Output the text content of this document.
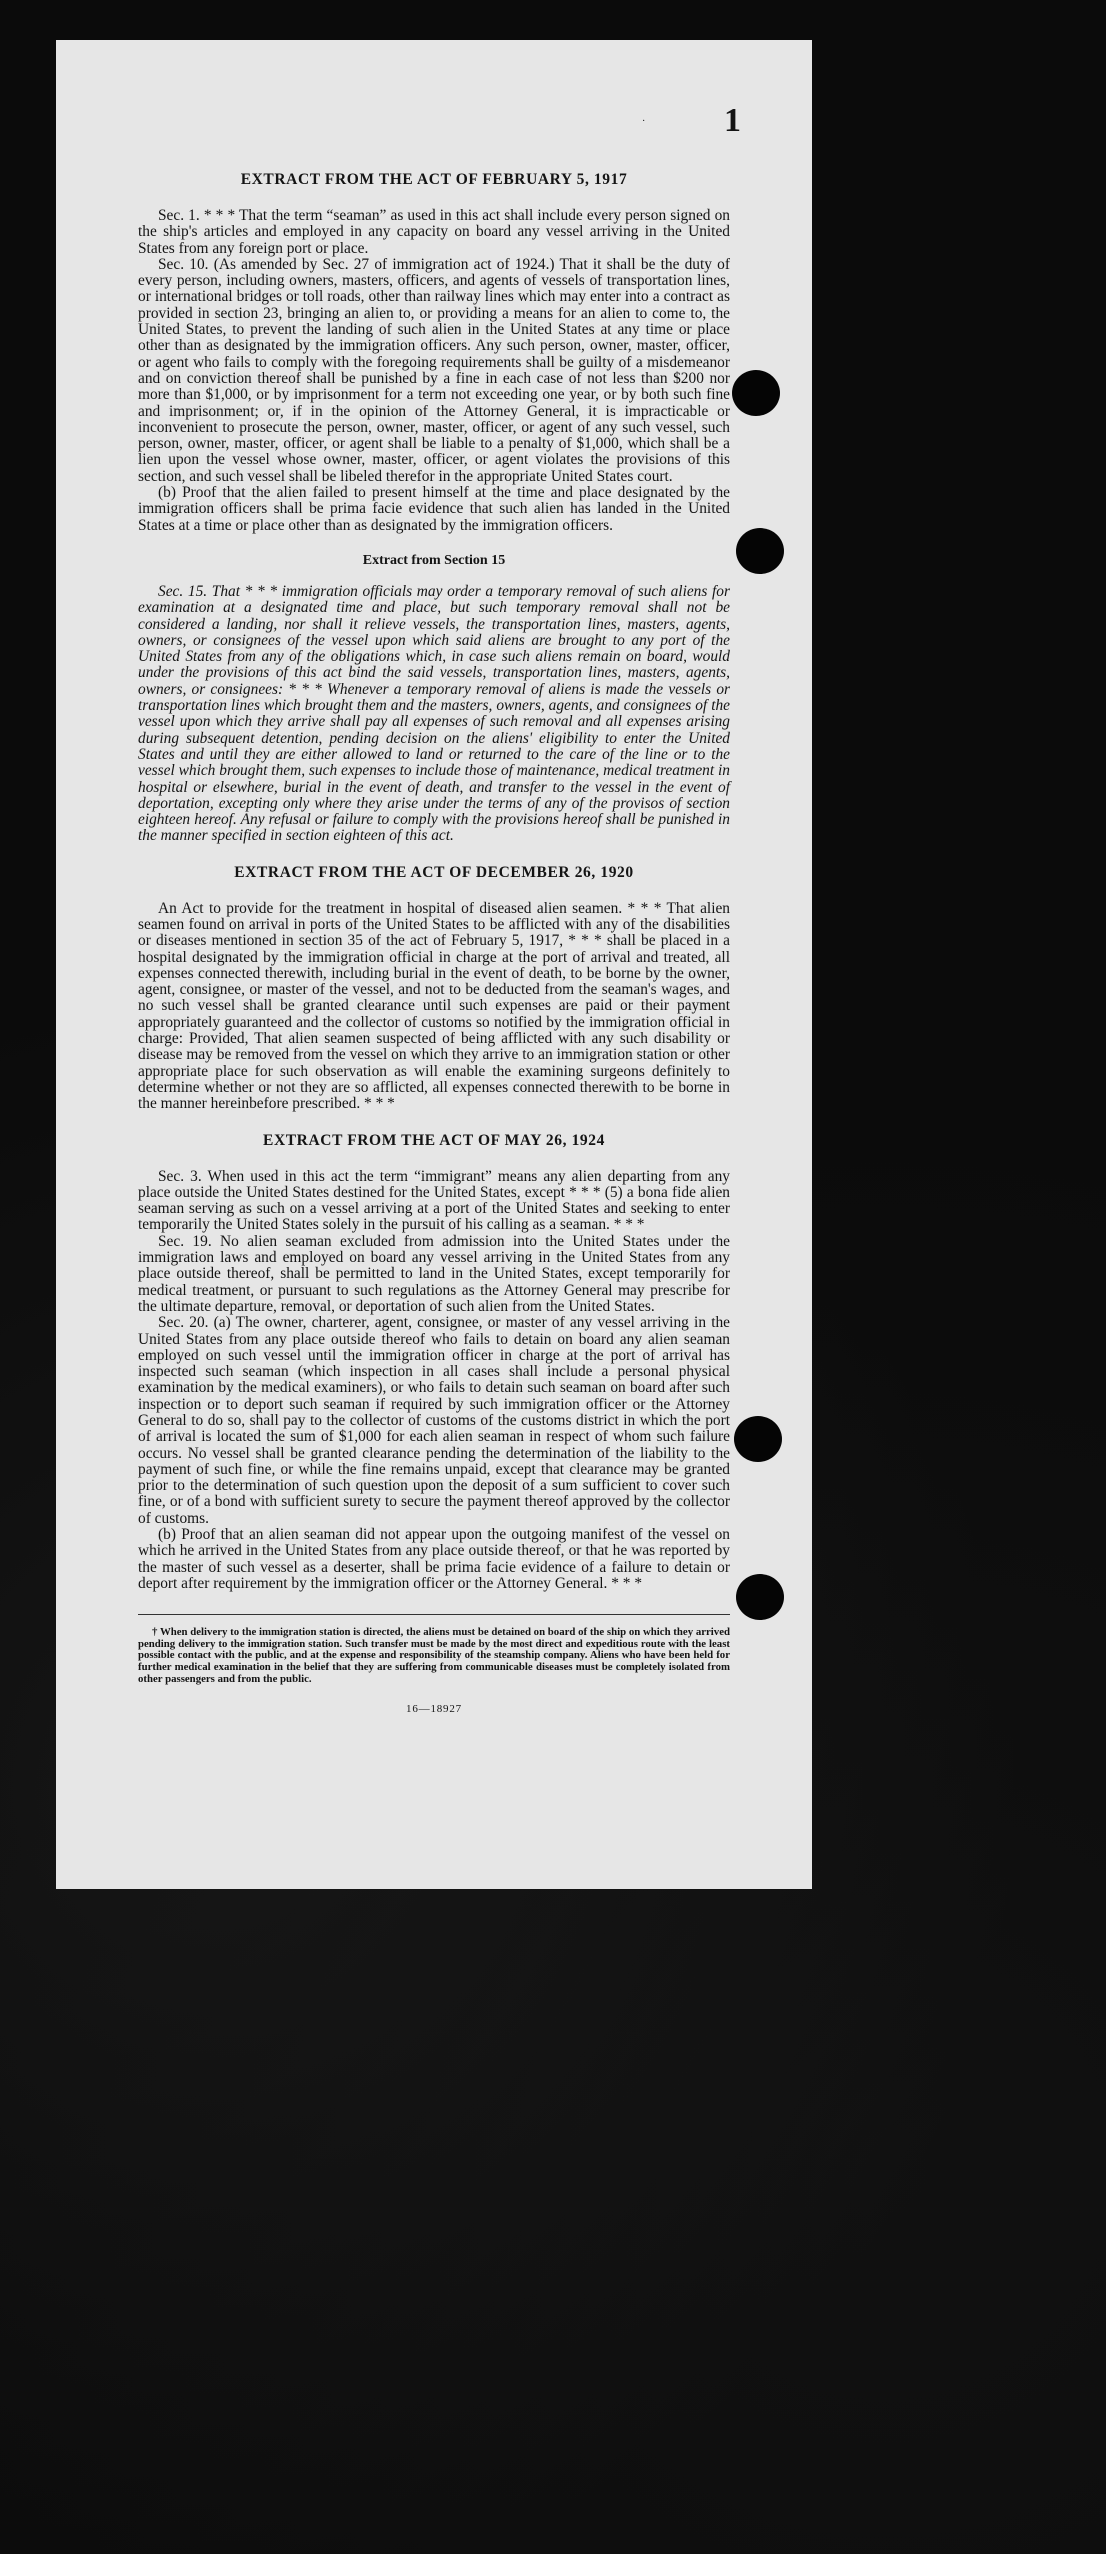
1
·
EXTRACT FROM THE ACT OF FEBRUARY 5, 1917

Sec. 1. * * * That the term “seaman” as used in this act shall include every person signed on the ship's articles and employed in any capacity on board any vessel arriving in the United States from any foreign port or place.

Sec. 10. (As amended by Sec. 27 of immigration act of 1924.) That it shall be the duty of every person, including owners, masters, officers, and agents of vessels of transportation lines, or international bridges or toll roads, other than railway lines which may enter into a contract as provided in section 23, bringing an alien to, or providing a means for an alien to come to, the United States, to prevent the landing of such alien in the United States at any time or place other than as designated by the immigration officers. Any such person, owner, master, officer, or agent who fails to comply with the foregoing requirements shall be guilty of a misdemeanor and on conviction thereof shall be punished by a fine in each case of not less than $200 nor more than $1,000, or by imprisonment for a term not exceeding one year, or by both such fine and imprisonment; or, if in the opinion of the Attorney General, it is impracticable or inconvenient to prosecute the person, owner, master, officer, or agent of any such vessel, such person, owner, master, officer, or agent shall be liable to a penalty of $1,000, which shall be a lien upon the vessel whose owner, master, officer, or agent violates the provisions of this section, and such vessel shall be libeled therefor in the appropriate United States court.

(b) Proof that the alien failed to present himself at the time and place designated by the immigration officers shall be prima facie evidence that such alien has landed in the United States at a time or place other than as designated by the immigration officers.

Extract from Section 15

Sec. 15. That * * * immigration officials may order a temporary removal of such aliens for examination at a designated time and place, but such temporary removal shall not be considered a landing, nor shall it relieve vessels, the transportation lines, masters, agents, owners, or consignees of the vessel upon which said aliens are brought to any port of the United States from any of the obligations which, in case such aliens remain on board, would under the provisions of this act bind the said vessels, transportation lines, masters, agents, owners, or consignees: * * * Whenever a temporary removal of aliens is made the vessels or transportation lines which brought them and the masters, owners, agents, and consignees of the vessel upon which they arrive shall pay all expenses of such removal and all expenses arising during subsequent detention, pending decision on the aliens' eligibility to enter the United States and until they are either allowed to land or returned to the care of the line or to the vessel which brought them, such expenses to include those of maintenance, medical treatment in hospital or elsewhere, burial in the event of death, and transfer to the vessel in the event of deportation, excepting only where they arise under the terms of any of the provisos of section eighteen hereof. Any refusal or failure to comply with the provisions hereof shall be punished in the manner specified in section eighteen of this act.

EXTRACT FROM THE ACT OF DECEMBER 26, 1920

An Act to provide for the treatment in hospital of diseased alien seamen. * * * That alien seamen found on arrival in ports of the United States to be afflicted with any of the disabilities or diseases mentioned in section 35 of the act of February 5, 1917, * * * shall be placed in a hospital designated by the immigration official in charge at the port of arrival and treated, all expenses connected therewith, including burial in the event of death, to be borne by the owner, agent, consignee, or master of the vessel, and not to be deducted from the seaman's wages, and no such vessel shall be granted clearance until such expenses are paid or their payment appropriately guaranteed and the collector of customs so notified by the immigration official in charge: Provided, That alien seamen suspected of being afflicted with any such disability or disease may be removed from the vessel on which they arrive to an immigration station or other appropriate place for such observation as will enable the examining surgeons definitely to determine whether or not they are so afflicted, all expenses connected therewith to be borne in the manner hereinbefore prescribed. * * *

EXTRACT FROM THE ACT OF MAY 26, 1924

Sec. 3. When used in this act the term “immigrant” means any alien departing from any place outside the United States destined for the United States, except * * * (5) a bona fide alien seaman serving as such on a vessel arriving at a port of the United States and seeking to enter temporarily the United States solely in the pursuit of his calling as a seaman. * * *

Sec. 19. No alien seaman excluded from admission into the United States under the immigration laws and employed on board any vessel arriving in the United States from any place outside thereof, shall be permitted to land in the United States, except temporarily for medical treatment, or pursuant to such regulations as the Attorney General may prescribe for the ultimate departure, removal, or deportation of such alien from the United States.

Sec. 20. (a) The owner, charterer, agent, consignee, or master of any vessel arriving in the United States from any place outside thereof who fails to detain on board any alien seaman employed on such vessel until the immigration officer in charge at the port of arrival has inspected such seaman (which inspection in all cases shall include a personal physical examination by the medical examiners), or who fails to detain such seaman on board after such inspection or to deport such seaman if required by such immigration officer or the Attorney General to do so, shall pay to the collector of customs of the customs district in which the port of arrival is located the sum of $1,000 for each alien seaman in respect of whom such failure occurs. No vessel shall be granted clearance pending the determination of the liability to the payment of such fine, or while the fine remains unpaid, except that clearance may be granted prior to the determination of such question upon the deposit of a sum sufficient to cover such fine, or of a bond with sufficient surety to secure the payment thereof approved by the collector of customs.

(b) Proof that an alien seaman did not appear upon the outgoing manifest of the vessel on which he arrived in the United States from any place outside thereof, or that he was reported by the master of such vessel as a deserter, shall be prima facie evidence of a failure to detain or deport after requirement by the immigration officer or the Attorney General. * * *

† When delivery to the immigration station is directed, the aliens must be detained on board of the ship on which they arrived pending delivery to the immigration station. Such transfer must be made by the most direct and expeditious route with the least possible contact with the public, and at the expense and responsibility of the steamship company. Aliens who have been held for further medical examination in the belief that they are suffering from communicable diseases must be completely isolated from other passengers and from the public.

16—18927
